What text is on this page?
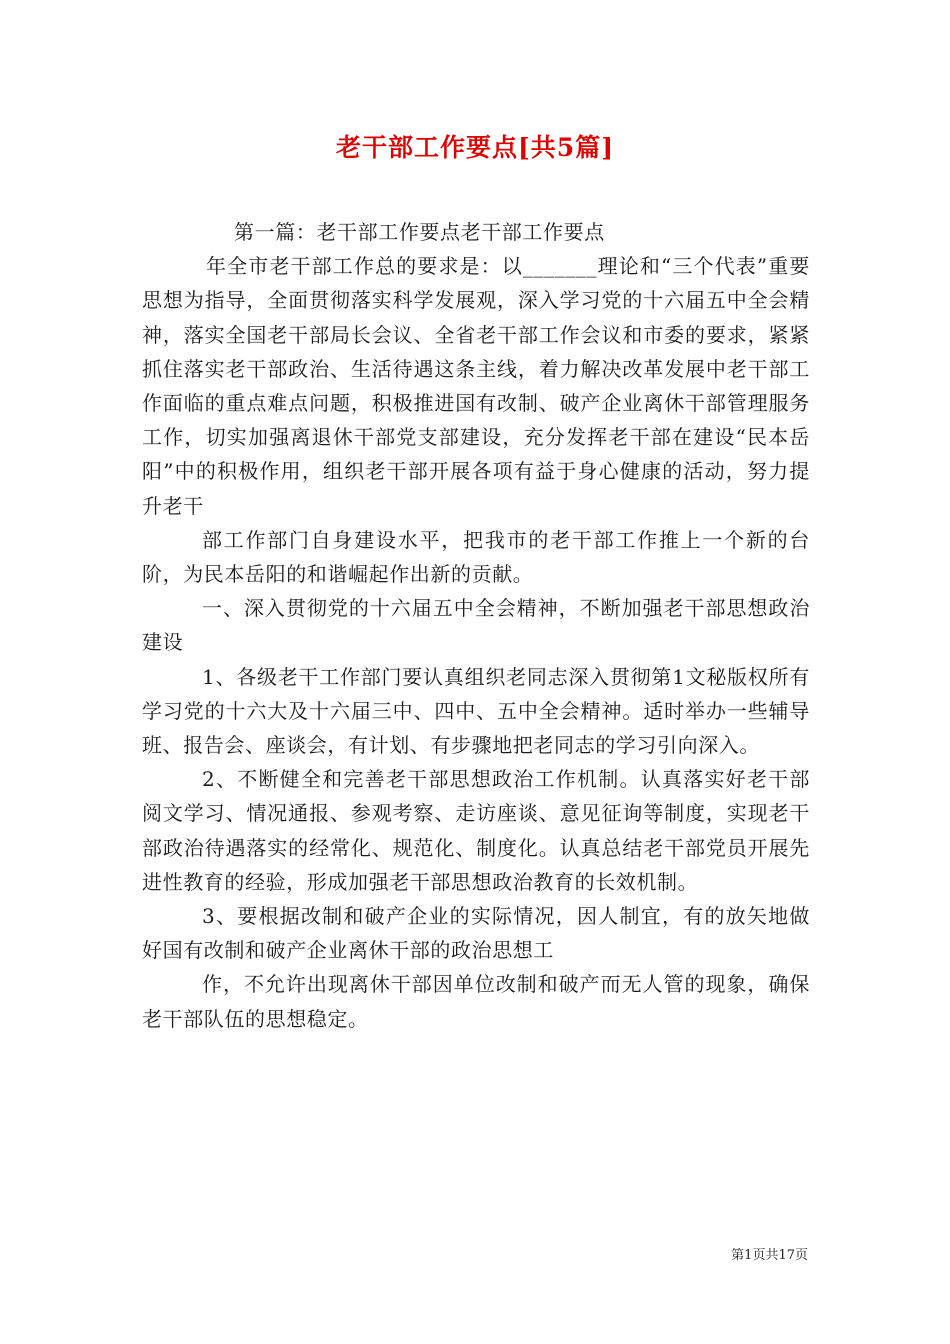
老干部工作要点[共5篇]

第一篇：老干部工作要点老干部工作要点

年全市老干部工作总的要求是：以_______理论和“三个代表”重要思想为指导，全面贯彻落实科学发展观，深入学习党的十六届五中全会精神，落实全国老干部局长会议、全省老干部工作会议和市委的要求，紧紧抓住落实老干部政治、生活待遇这条主线，着力解决改革发展中老干部工作面临的重点难点问题，积极推进国有改制、破产企业离休干部管理服务工作，切实加强离退休干部党支部建设，充分发挥老干部在建设“民本岳阳”中的积极作用，组织老干部开展各项有益于身心健康的活动，努力提升老干

部工作部门自身建设水平，把我市的老干部工作推上一个新的台阶，为民本岳阳的和谐崛起作出新的贡献。

一、深入贯彻党的十六届五中全会精神，不断加强老干部思想政治建设

1、各级老干工作部门要认真组织老同志深入贯彻第1文秘版权所有学习党的十六大及十六届三中、四中、五中全会精神。适时举办一些辅导班、报告会、座谈会，有计划、有步骤地把老同志的学习引向深入。

2、不断健全和完善老干部思想政治工作机制。认真落实好老干部阅文学习、情况通报、参观考察、走访座谈、意见征询等制度，实现老干部政治待遇落实的经常化、规范化、制度化。认真总结老干部党员开展先进性教育的经验，形成加强老干部思想政治教育的长效机制。

3、要根据改制和破产企业的实际情况，因人制宜，有的放矢地做好国有改制和破产企业离休干部的政治思想工

作，不允许出现离休干部因单位改制和破产而无人管的现象，确保老干部队伍的思想稳定。

第1页共17页
